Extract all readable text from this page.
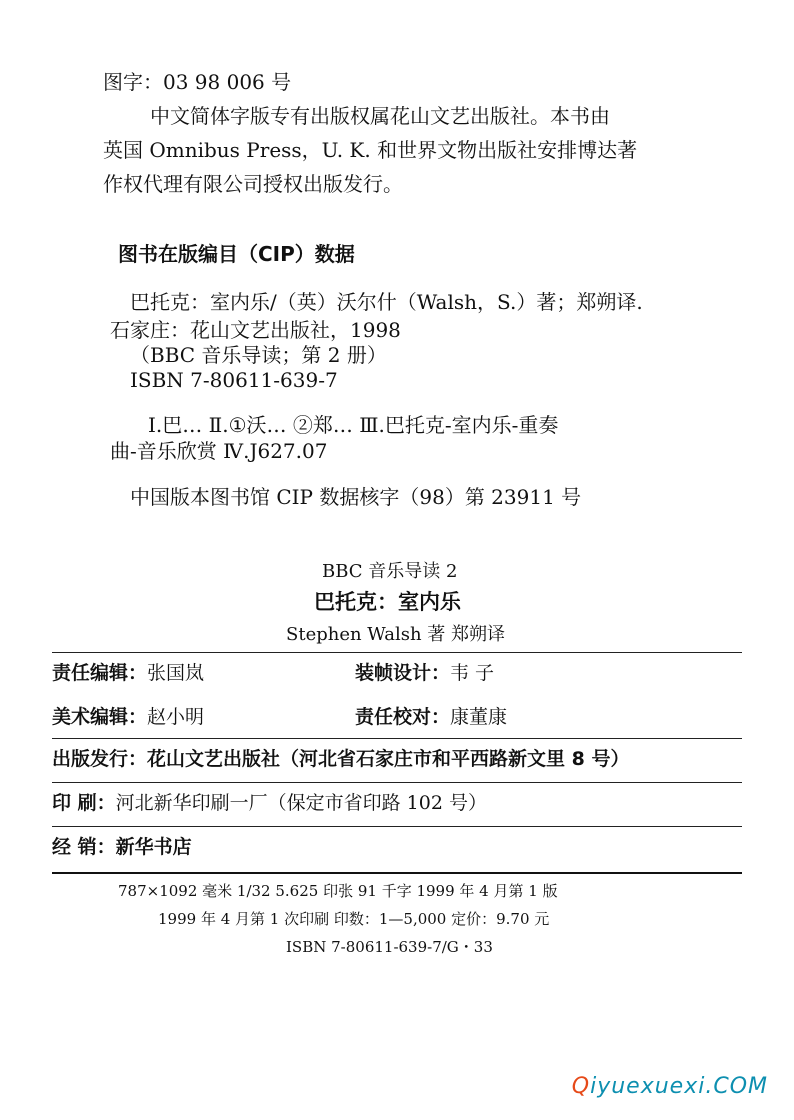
图字：03 98 006 号
中文简体字版专有出版权属花山文艺出版社。本书由
英国 Omnibus Press，U. K. 和世界文物出版社安排博达著
作权代理有限公司授权出版发行。
图书在版编目（CIP）数据
巴托克：室内乐/（英）沃尔什（Walsh，S.）著；郑朔译.
石家庄：花山文艺出版社，1998
（BBC 音乐导读；第 2 册）
ISBN 7-80611-639-7
Ⅰ.巴… Ⅱ.①沃… ②郑… Ⅲ.巴托克-室内乐-重奏
曲-音乐欣赏 Ⅳ.J627.07
中国版本图书馆 CIP 数据核字（98）第 23911 号
BBC 音乐导读 2
巴托克：室内乐
Stephen Walsh 著 郑朔译
责任编辑：张国岚	装帧设计：韦 子
美术编辑：赵小明	责任校对：康董康
出版发行：花山文艺出版社（河北省石家庄市和平西路新文里 8 号）
印 刷：河北新华印刷一厂（保定市省印路 102 号）
经 销：新华书店
787×1092 毫米 1/32 5.625 印张 91 千字 1999 年 4 月第 1 版
1999 年 4 月第 1 次印刷 印数：1—5,000 定价：9.70 元
ISBN 7-80611-639-7/G・33
Qiyuexuexi.COM
